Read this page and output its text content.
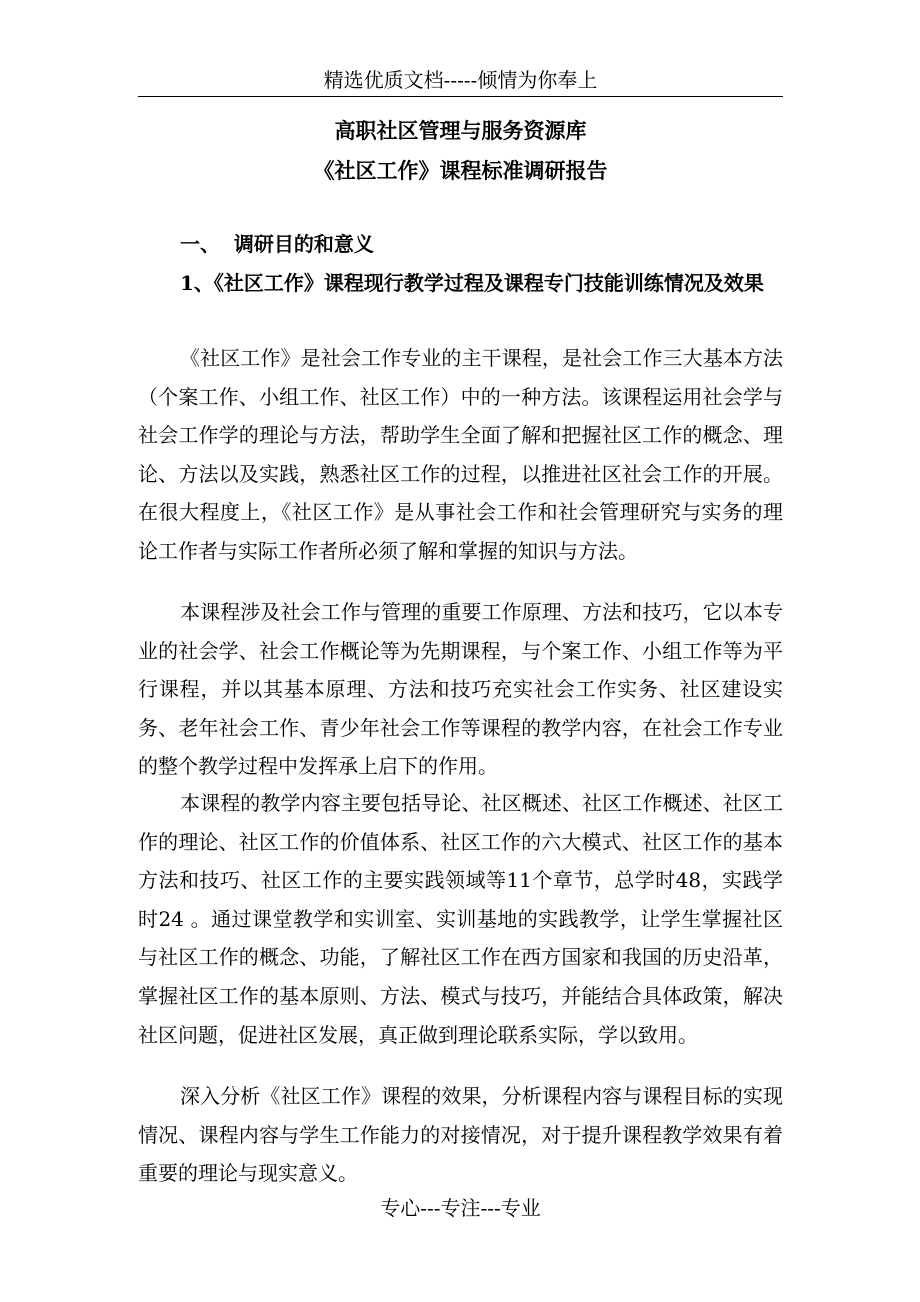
精选优质文档-----倾情为你奉上
高职社区管理与服务资源库
《社区工作》课程标准调研报告
一、  调研目的和意义
1、《社区工作》课程现行教学过程及课程专门技能训练情况及效果

《社区工作》是社会工作专业的主干课程，是社会工作三大基本方法（个案工作、小组工作、社区工作）中的一种方法。该课程运用社会学与社会工作学的理论与方法，帮助学生全面了解和把握社区工作的概念、理论、方法以及实践，熟悉社区工作的过程，以推进社区社会工作的开展。在很大程度上，《社区工作》是从事社会工作和社会管理研究与实务的理论工作者与实际工作者所必须了解和掌握的知识与方法。

本课程涉及社会工作与管理的重要工作原理、方法和技巧，它以本专业的社会学、社会工作概论等为先期课程，与个案工作、小组工作等为平行课程，并以其基本原理、方法和技巧充实社会工作实务、社区建设实务、老年社会工作、青少年社会工作等课程的教学内容，在社会工作专业的整个教学过程中发挥承上启下的作用。

本课程的教学内容主要包括导论、社区概述、社区工作概述、社区工作的理论、社区工作的价值体系、社区工作的六大模式、社区工作的基本方法和技巧、社区工作的主要实践领域等11个章节，总学时48，实践学时24 。通过课堂教学和实训室、实训基地的实践教学，让学生掌握社区与社区工作的概念、功能，了解社区工作在西方国家和我国的历史沿革，掌握社区工作的基本原则、方法、模式与技巧，并能结合具体政策，解决社区问题，促进社区发展，真正做到理论联系实际，学以致用。

深入分析《社区工作》课程的效果，分析课程内容与课程目标的实现情况、课程内容与学生工作能力的对接情况，对于提升课程教学效果有着重要的理论与现实意义。

专心---专注---专业
